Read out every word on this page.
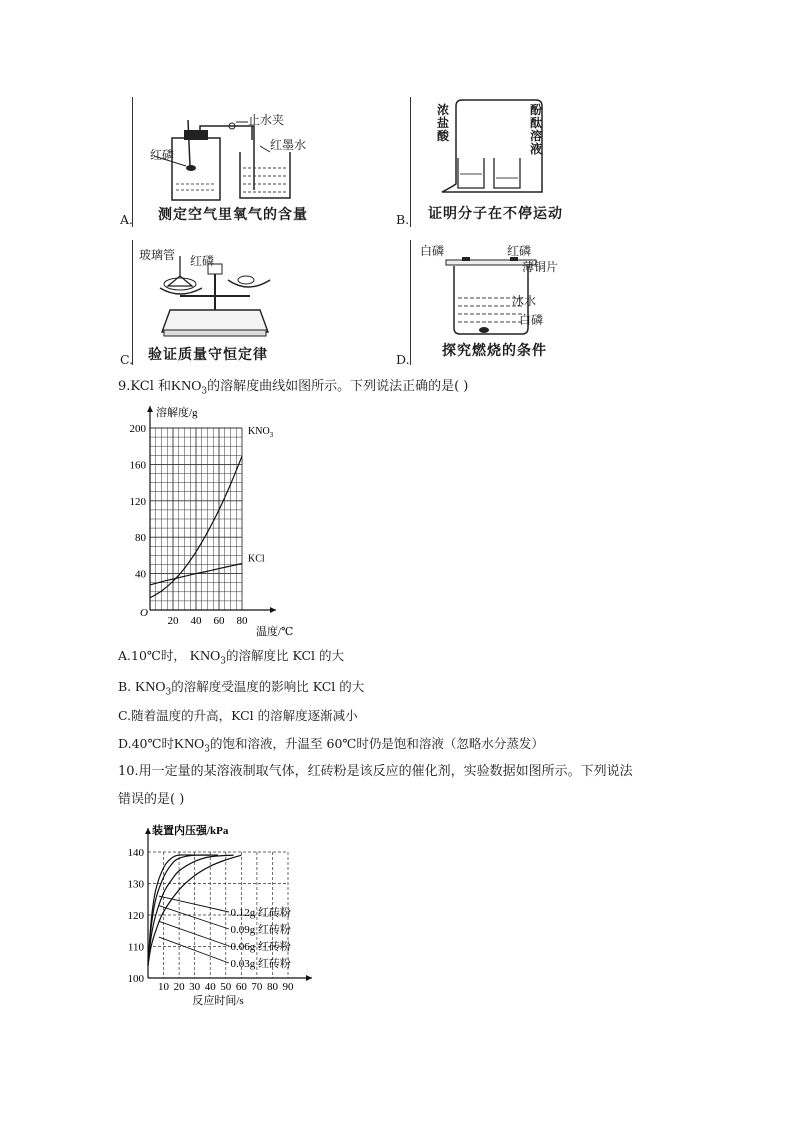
止水夹
红磷
红墨水
A. 测定空气里氧气的含量
浓盐酸
酚酞溶液
B. 证明分子在不停运动
玻璃管 红磷
C. 验证质量守恒定律
白磷	红磷
薄铜片
冰水
白磷
D.
探究燃烧的条件
9.KCl 和$KNO_3$的溶解度曲线如图所示。下列说法正确的是( )
40
80
120
160
200
20 40 60 80
O
溶解度/g
温度/℃
$KNO_3$
KCl
A.10℃时， $KNO_3$的溶解度比 KCl 的大
B. $KNO_3$的溶解度受温度的影响比 KCl 的大
C.随着温度的升高，KCl 的溶解度逐渐减小
D.40℃时$KNO_3$的饱和溶液，升温至 60℃时仍是饱和溶液（忽略水分蒸发）
10.用一定量的某溶液制取气体，红砖粉是该反应的催化剂，实验数据如图所示。下列说法
错误的是( )
100
110
120
130
140
10 20 30 40 50 60 70 80 90
装置内压强/kPa
反应时间/s
0.12g 红砖粉
0.09g 红砖粉
0.06g 红砖粉
0.03g 红砖粉
